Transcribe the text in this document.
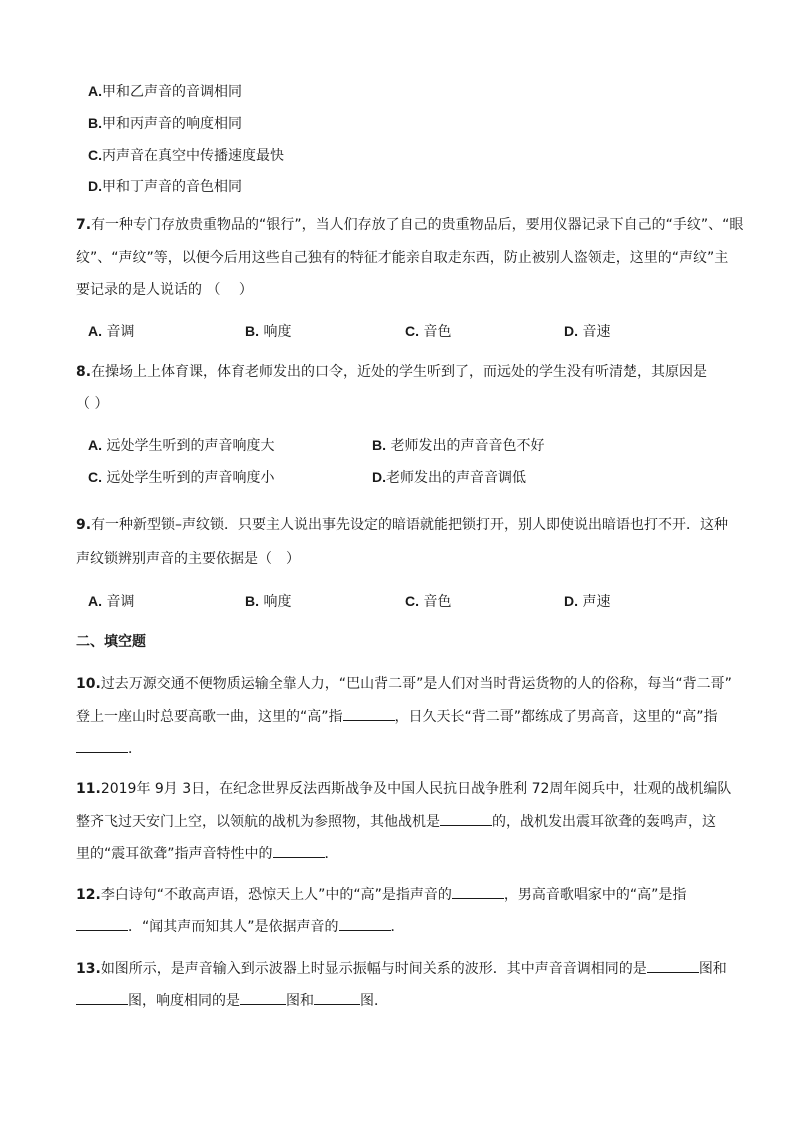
A.甲和乙声音的音调相同
B.甲和丙声音的响度相同
C.丙声音在真空中传播速度最快
D.甲和丁声音的音色相同
7.有一种专门存放贵重物品的“银行”，当人们存放了自己的贵重物品后，要用仪器记录下自己的“手纹”、“眼
纹”、“声纹”等，以便今后用这些自己独有的特征才能亲自取走东西，防止被别人盗领走，这里的“声纹”主
要记录的是人说话的 （　 ）
A. 音调	B. 响度	C. 音色	D. 音速
8.在操场上上体育课，体育老师发出的口令，近处的学生听到了，而远处的学生没有听清楚，其原因是
（ ）
A. 远处学生听到的声音响度大	B. 老师发出的声音音色不好
C. 远处学生听到的声音响度小	D.老师发出的声音音调低
9.有一种新型锁–声纹锁．只要主人说出事先设定的暗语就能把锁打开，别人即使说出暗语也打不开．这种
声纹锁辨别声音的主要依据是（　）
A. 音调	B. 响度	C. 音色	D. 声速
二、填空题
10.过去万源交通不便物质运输全靠人力，“巴山背二哥”是人们对当时背运货物的人的俗称，每当“背二哥”
登上一座山时总要高歌一曲，这里的“高”指	，日久天长“背二哥”都练成了男高音，这里的“高”指
．
11.2019年 9月 3日，在纪念世界反法西斯战争及中国人民抗日战争胜利 72周年阅兵中，壮观的战机编队
整齐飞过天安门上空，以领航的战机为参照物，其他战机是	的，战机发出震耳欲聋的轰鸣声，这
里的“震耳欲聋”指声音特性中的	．
12.李白诗句“不敢高声语，恐惊天上人”中的“高”是指声音的	，男高音歌唱家中的“高”是指
．“闻其声而知其人”是依据声音的	．
13.如图所示，是声音输入到示波器上时显示振幅与时间关系的波形．其中声音音调相同的是	图和
图，响度相同的是	图和	图．
